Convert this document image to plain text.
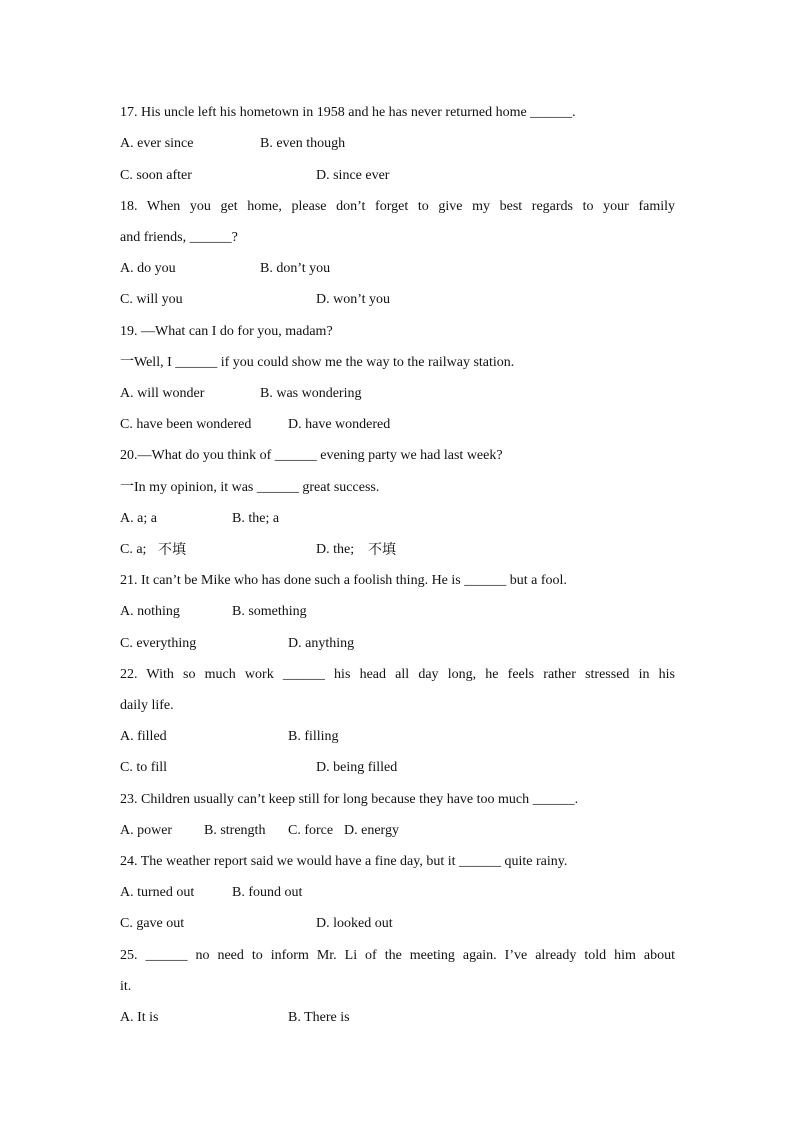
17. His uncle left his hometown in 1958 and he has never returned home ______.
A. ever since	B. even though
C. soon after	D. since ever
18. When you get home, please don’t forget to give my best regards to your family
and friends, ______?
A. do you	B. don’t you
C. will you	D. won’t you
19. —What can I do for you, madam?
一Well, I ______ if you could show me the way to the railway station.
A. will wonder	B. was wondering
C. have been wondered	D. have wondered
20.—What do you think of ______ evening party we had last week?
一In my opinion, it was ______ great success.
A. a; a	B. the; a
C. a; 不填	D. the; 不填
21. It can’t be Mike who has done such a foolish thing. He is ______ but a fool.
A. nothing	B. something
C. everything	D. anything
22. With so much work ______ his head all day long, he feels rather stressed in his
daily life.
A. filled	B. filling
C. to fill	D. being filled
23. Children usually can’t keep still for long because they have too much ______.
A. power B. strength C. force D. energy
24. The weather report said we would have a fine day, but it ______ quite rainy.
A. turned out	B. found out
C. gave out	D. looked out
25. ______ no need to inform Mr. Li of the meeting again. I’ve already told him about
it.
A. It is	B. There is
